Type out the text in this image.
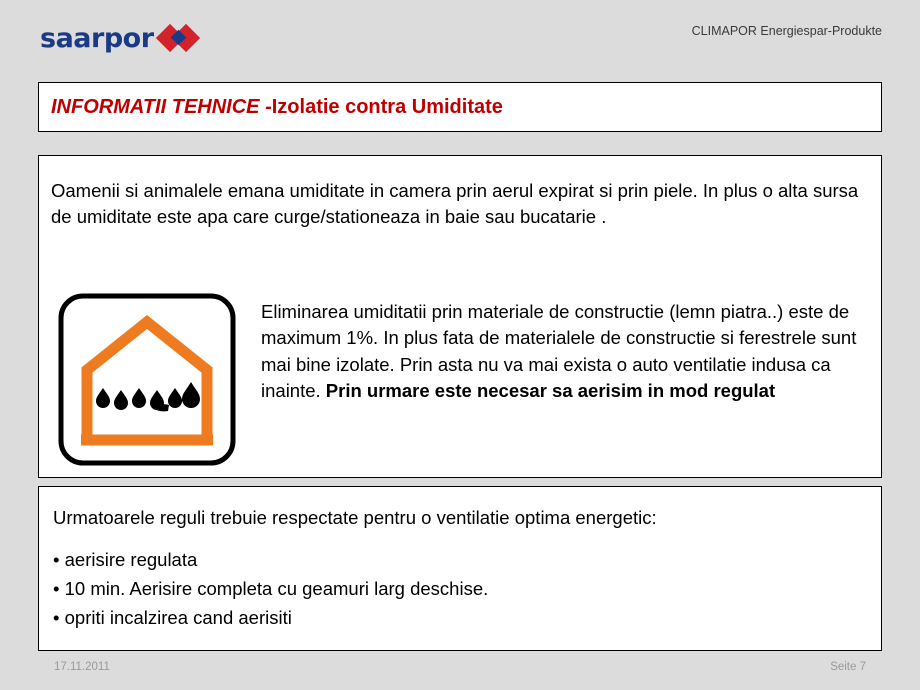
saarpor	CLIMAPOR Energiespar-Produkte
INFORMATII TEHNICE -Izolatie contra Umiditate
Oamenii si animalele emana umiditate in camera prin aerul expirat si prin piele. In plus o alta sursa de umiditate este apa care curge/stationeaza in baie sau bucatarie .
Eliminarea umiditatii prin materiale de constructie (lemn piatra..) este de maximum 1%. In plus fata de materialele de constructie si ferestrele sunt mai bine izolate. Prin asta nu va mai exista o auto ventilatie indusa ca inainte. Prin urmare este necesar sa aerisim in mod regulat
Urmatoarele reguli trebuie respectate pentru o ventilatie optima energetic:
• aerisire regulata
• 10 min. Aerisire completa cu geamuri larg deschise.
• opriti incalzirea cand aerisiti
17.11.2011	Seite 7
